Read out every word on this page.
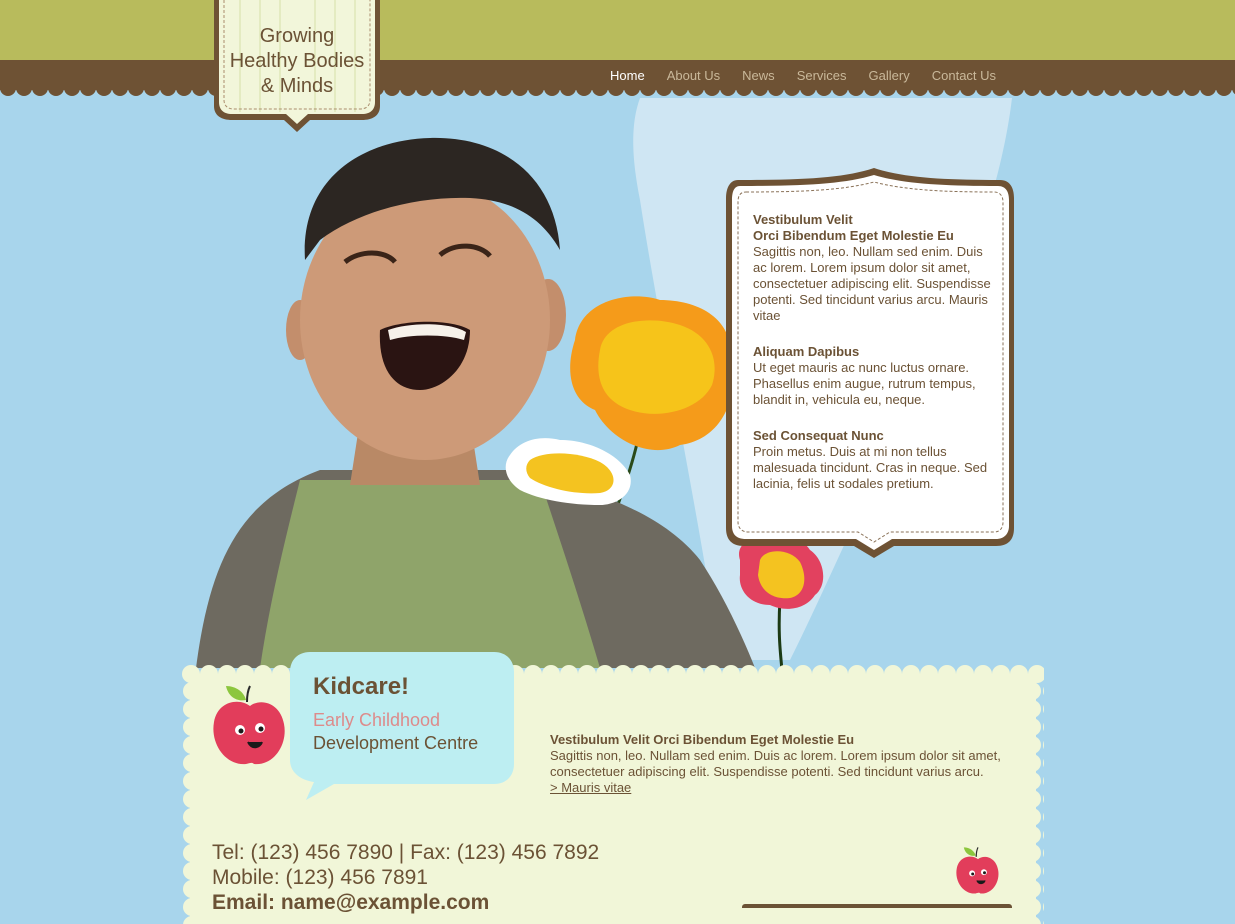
Home	About Us	News	Services	Gallery	Contact Us
Growing
Healthy Bodies
& Minds
Vestibulum Velit
Orci Bibendum Eget Molestie Eu

Sagittis non, leo. Nullam sed enim. Duis ac lorem. Lorem ipsum dolor sit amet, consectetuer adipiscing elit. Suspendisse potenti. Sed tincidunt varius arcu. Mauris vitae

Aliquam Dapibus

Ut eget mauris ac nunc luctus ornare. Phasellus enim augue, rutrum tempus, blandit in, vehicula eu, neque.

Sed Consequat Nunc

Proin metus. Duis at mi non tellus malesuada tincidunt. Cras in neque. Sed lacinia, felis ut sodales pretium.

Kidcare!
Early Childhood
Development Centre	Vestibulum Velit Orci Bibendum Eget Molestie Eu

Sagittis non, leo. Nullam sed enim. Duis ac lorem. Lorem ipsum dolor sit amet, consectetuer adipiscing elit. Suspendisse potenti. Sed tincidunt varius arcu.

> Mauris vitae
Tel: (123) 456 7890 | Fax: (123) 456 7892
Mobile: (123) 456 7891
Email: name@example.com
